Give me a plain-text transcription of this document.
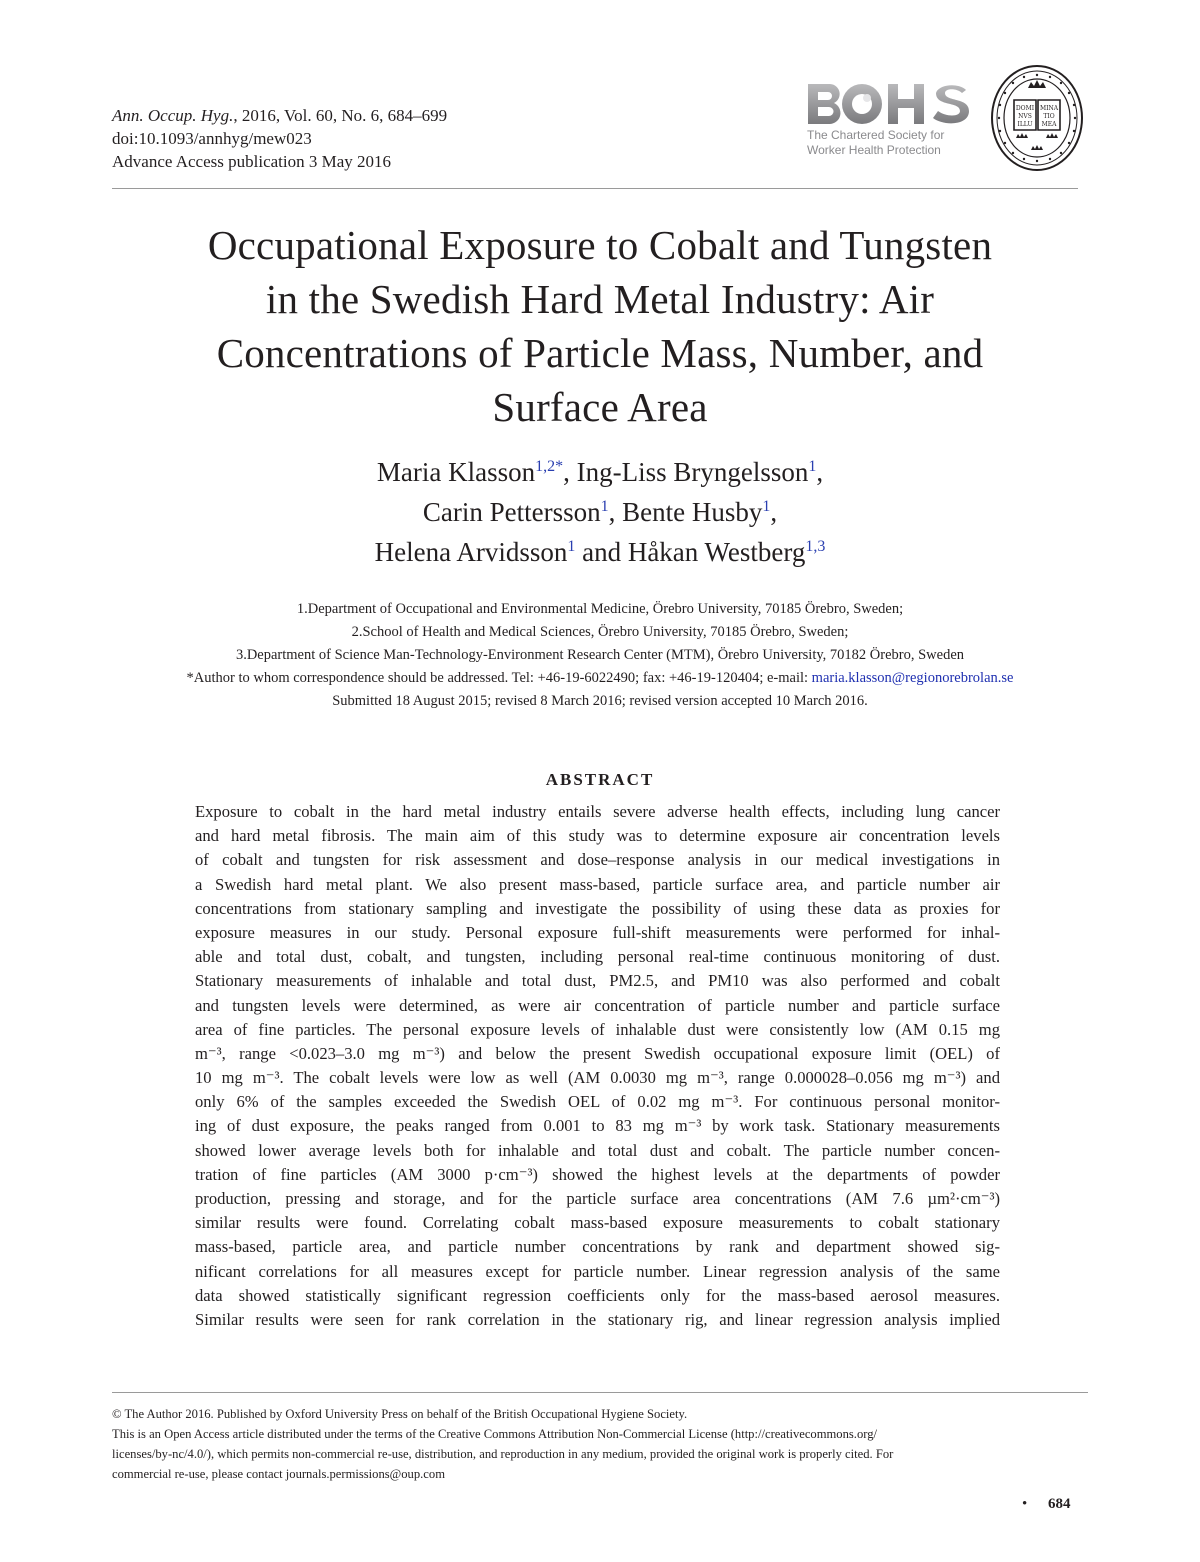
Ann. Occup. Hyg., 2016, Vol. 60, No. 6, 684–699
doi:10.1093/annhyg/mew023
Advance Access publication 3 May 2016
The Chartered Society for
Worker Health Protection
DOMI
NVS
ILLU
MINA
TIO
MEA
Occupational Exposure to Cobalt and Tungsten
in the Swedish Hard Metal Industry: Air
Concentrations of Particle Mass, Number, and
Surface Area
Maria Klasson$^{1,2*}$, Ing-Liss Bryngelsson$^1$,
Carin Pettersson$^1$, Bente Husby$^1$,
Helena Arvidsson$^1$ and Håkan Westberg$^{1,3}$
1.Department of Occupational and Environmental Medicine, Örebro University, 70185 Örebro, Sweden;
2.School of Health and Medical Sciences, Örebro University, 70185 Örebro, Sweden;
3.Department of Science Man-Technology-Environment Research Center (MTM), Örebro University, 70182 Örebro, Sweden
*Author to whom correspondence should be addressed. Tel: +46-19-6022490; fax: +46-19-120404; e-mail: maria.klasson@regionorebrolan.se
Submitted 18 August 2015; revised 8 March 2016; revised version accepted 10 March 2016.
ABSTRACT
Exposure to cobalt in the hard metal industry entails severe adverse health effects, including lung cancer
and hard metal fibrosis. The main aim of this study was to determine exposure air concentration levels
of cobalt and tungsten for risk assessment and dose–response analysis in our medical investigations in
a Swedish hard metal plant. We also present mass-based, particle surface area, and particle number air
concentrations from stationary sampling and investigate the possibility of using these data as proxies for
exposure measures in our study. Personal exposure full-shift measurements were performed for inhal-
able and total dust, cobalt, and tungsten, including personal real-time continuous monitoring of dust.
Stationary measurements of inhalable and total dust, PM2.5, and PM10 was also performed and cobalt
and tungsten levels were determined, as were air concentration of particle number and particle surface
area of fine particles. The personal exposure levels of inhalable dust were consistently low (AM 0.15 mg
m⁻³, range <0.023–3.0 mg m⁻³) and below the present Swedish occupational exposure limit (OEL) of
10 mg m⁻³. The cobalt levels were low as well (AM 0.0030 mg m⁻³, range 0.000028–0.056 mg m⁻³) and
only 6% of the samples exceeded the Swedish OEL of 0.02 mg m⁻³. For continuous personal monitor-
ing of dust exposure, the peaks ranged from 0.001 to 83 mg m⁻³ by work task. Stationary measurements
showed lower average levels both for inhalable and total dust and cobalt. The particle number concen-
tration of fine particles (AM 3000 p·cm⁻³) showed the highest levels at the departments of powder
production, pressing and storage, and for the particle surface area concentrations (AM 7.6 µm²·cm⁻³)
similar results were found. Correlating cobalt mass-based exposure measurements to cobalt stationary
mass-based, particle area, and particle number concentrations by rank and department showed sig-
nificant correlations for all measures except for particle number. Linear regression analysis of the same
data showed statistically significant regression coefficients only for the mass-based aerosol measures.
Similar results were seen for rank correlation in the stationary rig, and linear regression analysis implied
© The Author 2016. Published by Oxford University Press on behalf of the British Occupational Hygiene Society.
This is an Open Access article distributed under the terms of the Creative Commons Attribution Non-Commercial License (http://creativecommons.org/
licenses/by-nc/4.0/), which permits non-commercial re-use, distribution, and reproduction in any medium, provided the original work is properly cited. For
commercial re-use, please contact journals.permissions@oup.com
• 684
